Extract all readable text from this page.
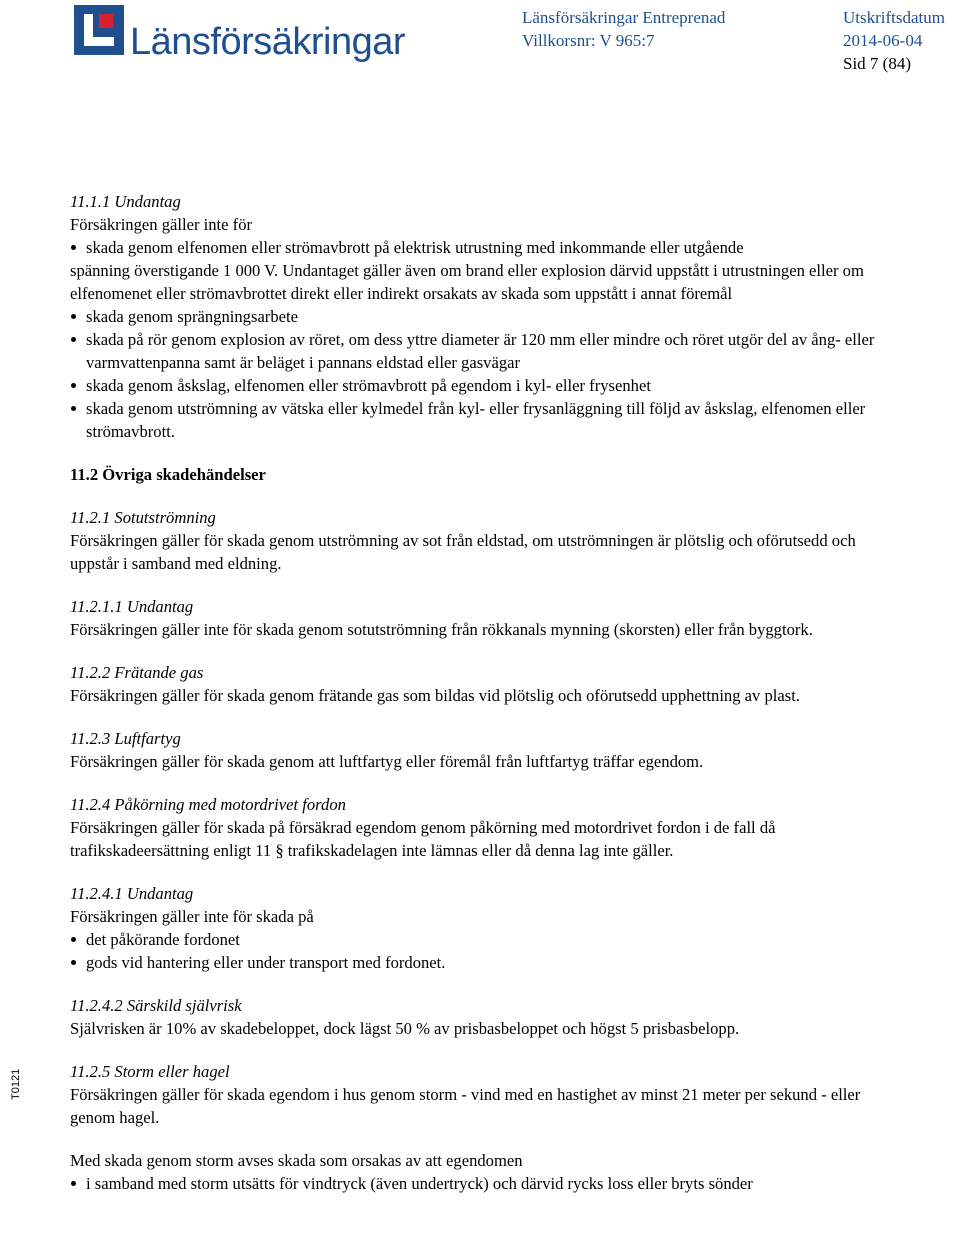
Länsförsäkringar
Länsförsäkringar Entreprenad
Villkorsnr: V 965:7
Utskriftsdatum
2014-06-04
Sid 7 (84)
T0121

11.1.1 Undantag

Försäkringen gäller inte för

skada genom elfenomen eller strömavbrott på elektrisk utrustning med inkommande eller utgående

spänning överstigande 1 000 V. Undantaget gäller även om brand eller explosion därvid uppstått i utrustningen eller om elfenomenet eller strömavbrottet direkt eller indirekt orsakats av skada som uppstått i annat föremål

skada genom sprängningsarbete
skada på rör genom explosion av röret, om dess yttre diameter är 120 mm eller mindre och röret utgör del av ång- eller varmvattenpanna samt är beläget i pannans eldstad eller gasvägar
skada genom åskslag, elfenomen eller strömavbrott på egendom i kyl- eller frysenhet
skada genom utströmning av vätska eller kylmedel från kyl- eller frysanläggning till följd av åskslag, elfenomen eller strömavbrott.

11.2 Övriga skadehändelser

11.2.1 Sotutströmning

Försäkringen gäller för skada genom utströmning av sot från eldstad, om utströmningen är plötslig och oförutsedd och uppstår i samband med eldning.

11.2.1.1 Undantag

Försäkringen gäller inte för skada genom sotutströmning från rökkanals mynning (skorsten) eller från byggtork.

11.2.2 Frätande gas

Försäkringen gäller för skada genom frätande gas som bildas vid plötslig och oförutsedd upphettning av plast.

11.2.3 Luftfartyg

Försäkringen gäller för skada genom att luftfartyg eller föremål från luftfartyg träffar egendom.

11.2.4 Påkörning med motordrivet fordon

Försäkringen gäller för skada på försäkrad egendom genom påkörning med motordrivet fordon i de fall då trafikskadeersättning enligt 11 § trafikskadelagen inte lämnas eller då denna lag inte gäller.

11.2.4.1 Undantag

Försäkringen gäller inte för skada på

det påkörande fordonet
gods vid hantering eller under transport med fordonet.

11.2.4.2 Särskild självrisk

Självrisken är 10% av skadebeloppet, dock lägst 50 % av prisbasbeloppet och högst 5 prisbasbelopp.

11.2.5 Storm eller hagel

Försäkringen gäller för skada egendom i hus genom storm - vind med en hastighet av minst 21 meter per sekund - eller genom hagel.

Med skada genom storm avses skada som orsakas av att egendomen

i samband med storm utsätts för vindtryck (även undertryck) och därvid rycks loss eller bryts sönder
